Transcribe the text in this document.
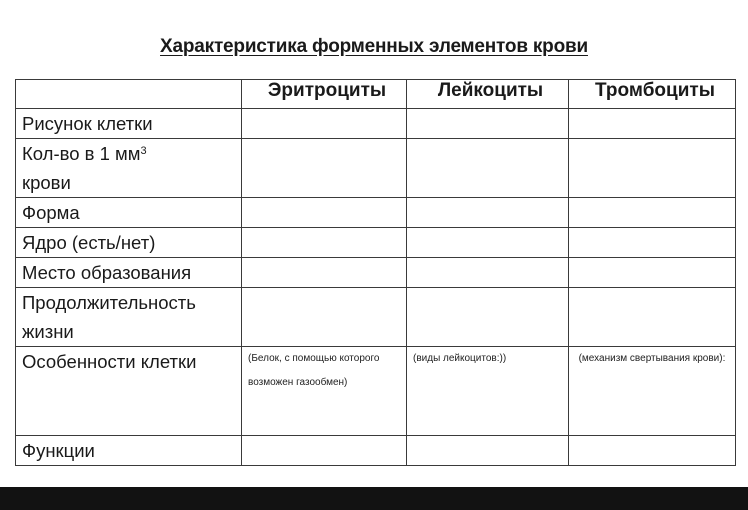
Характеристика форменных элементов крови
	Эритроциты	Лейкоциты	Тромбоциты
Рисунок клетки			
Кол-во в 1 $мм^3$
крови			
Форма			
Ядро (есть/нет)			
Место образования			
Продолжительность жизни			
Особенности клетки	(Белок, с помощью которого возможен газообмен)	(виды лейкоцитов:))	(механизм свертывания крови):
Функции			
